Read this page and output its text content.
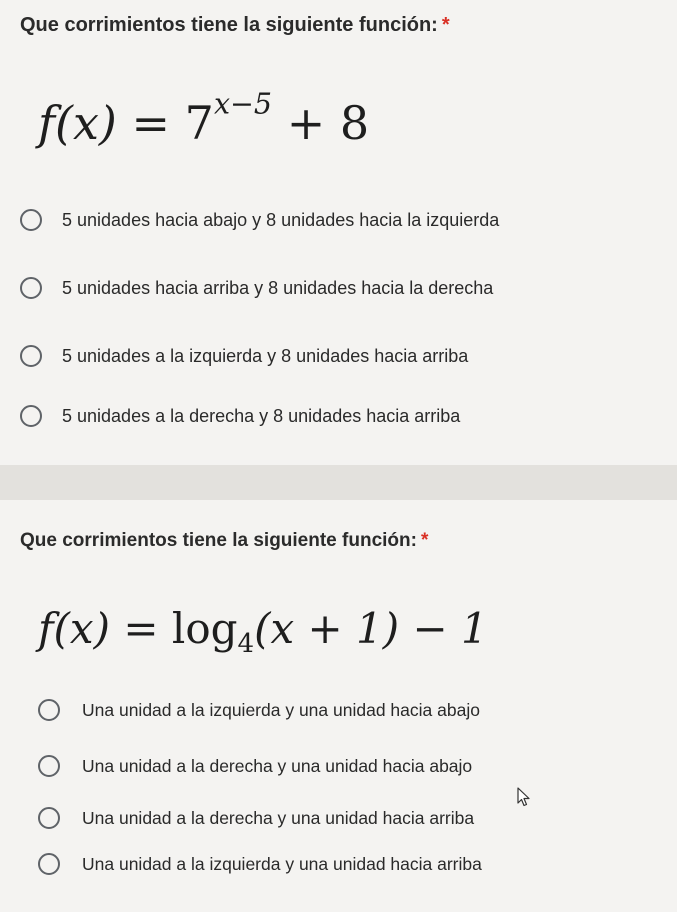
Que corrimientos tiene la siguiente función: *
$f(x) = 7^{x-5} + 8$
5 unidades hacia abajo y 8 unidades hacia la izquierda
5 unidades hacia arriba y 8 unidades hacia la derecha
5 unidades a la izquierda y 8 unidades hacia arriba
5 unidades a la derecha y 8 unidades hacia arriba
Que corrimientos tiene la siguiente función: *
$f(x) = \log_4(x + 1) - 1$
Una unidad a la izquierda y una unidad hacia abajo
Una unidad a la derecha y una unidad hacia abajo
Una unidad a la derecha y una unidad hacia arriba
Una unidad a la izquierda y una unidad hacia arriba
